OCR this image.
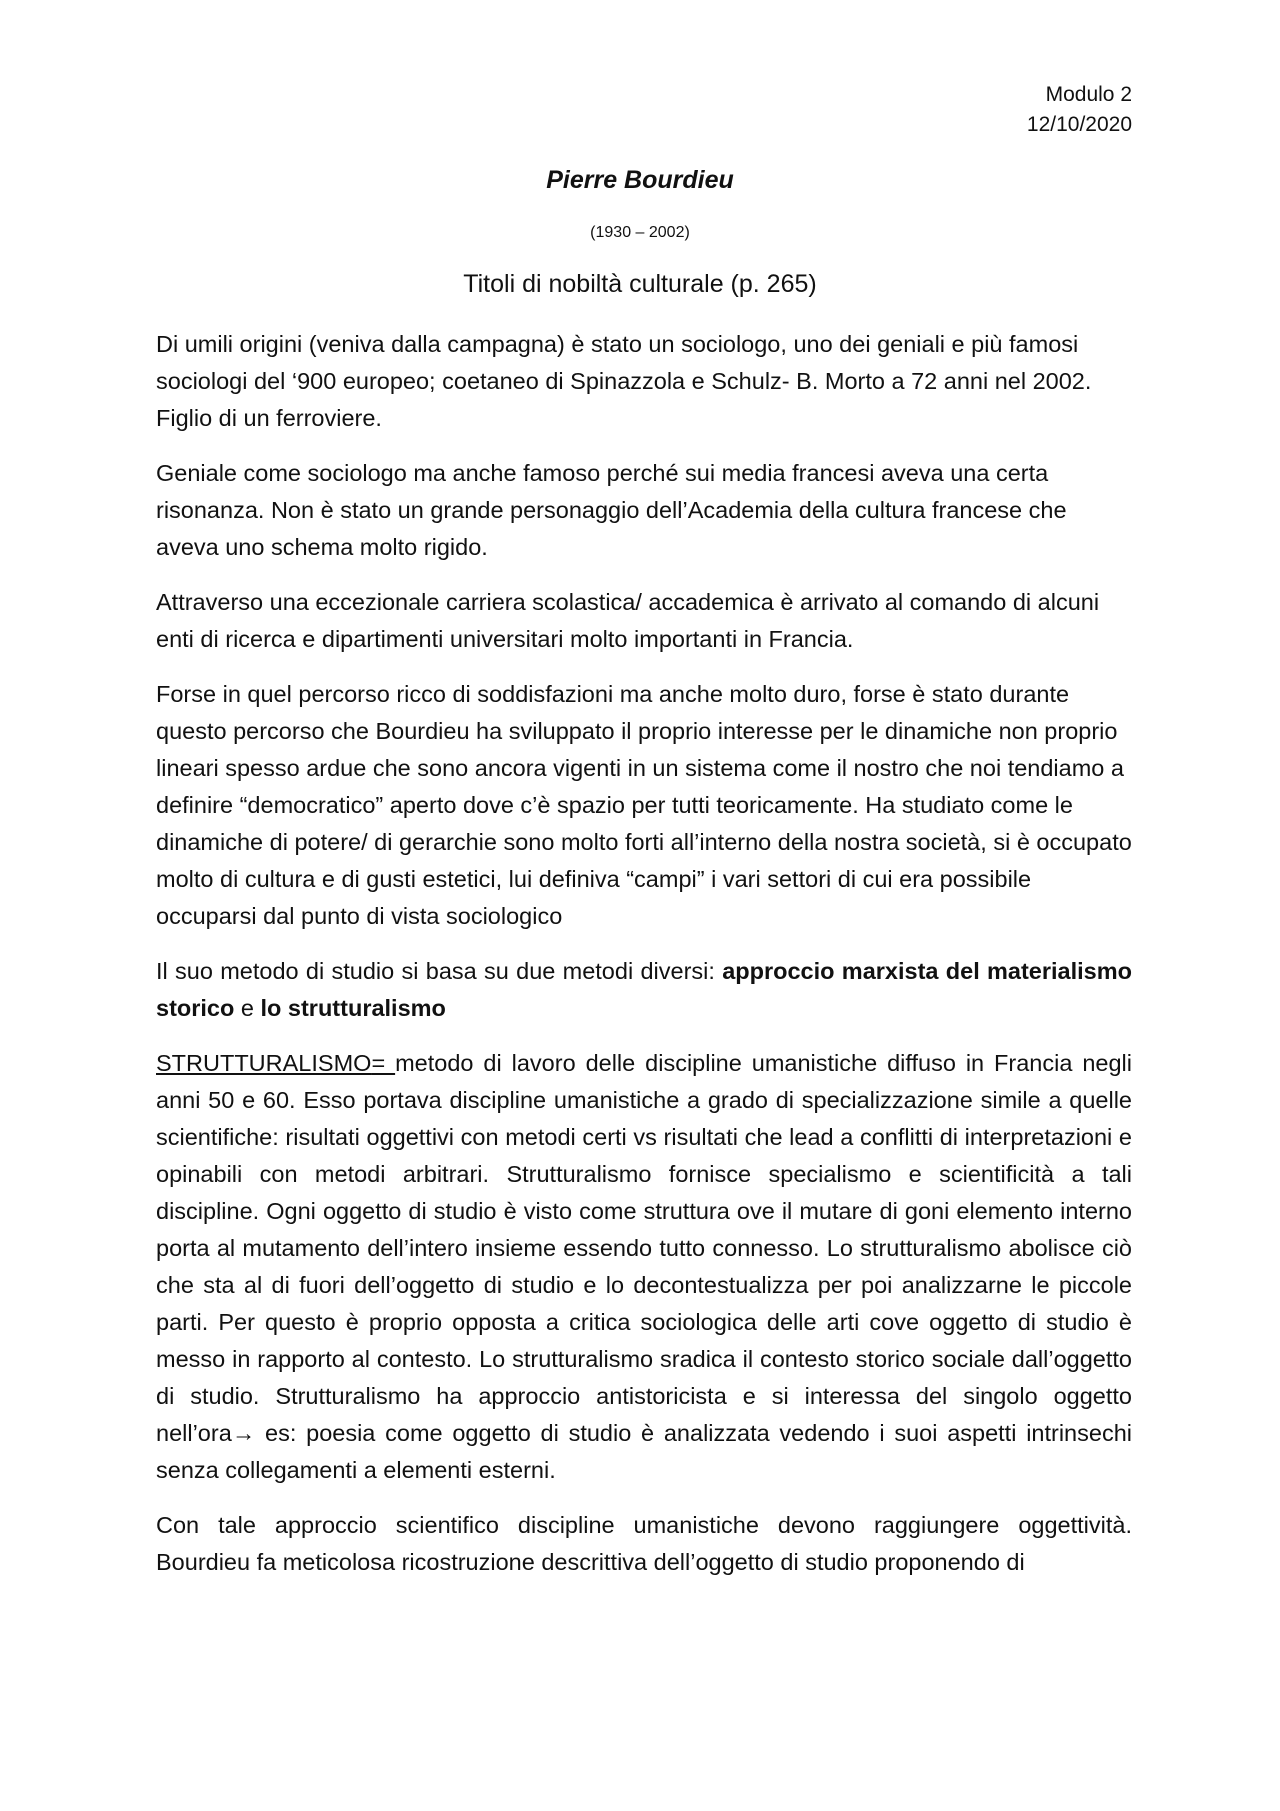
Modulo 2
12/10/2020
Pierre Bourdieu
(1930 – 2002)
Titoli di nobiltà culturale (p. 265)

Di umili origini (veniva dalla campagna) è stato un sociologo, uno dei geniali e più famosi sociologi del ‘900 europeo; coetaneo di Spinazzola e Schulz- B. Morto a 72 anni nel 2002. Figlio di un ferroviere.

Geniale come sociologo ma anche famoso perché sui media francesi aveva una certa risonanza. Non è stato un grande personaggio dell’Academia della cultura francese che aveva uno schema molto rigido.

Attraverso una eccezionale carriera scolastica/ accademica è arrivato al comando di alcuni enti di ricerca e dipartimenti universitari molto importanti in Francia.

Forse in quel percorso ricco di soddisfazioni ma anche molto duro, forse è stato durante questo percorso che Bourdieu ha sviluppato il proprio interesse per le dinamiche non proprio lineari spesso ardue che sono ancora vigenti in un sistema come il nostro che noi tendiamo a definire “democratico” aperto dove c’è spazio per tutti teoricamente. Ha studiato come le dinamiche di potere/ di gerarchie sono molto forti all’interno della nostra società, si è occupato molto di cultura e di gusti estetici, lui definiva “campi” i vari settori di cui era possibile occuparsi dal punto di vista sociologico

Il suo metodo di studio si basa su due metodi diversi: approccio marxista del materialismo storico e lo strutturalismo

STRUTTURALISMO= metodo di lavoro delle discipline umanistiche diffuso in Francia negli anni 50 e 60. Esso portava discipline umanistiche a grado di specializzazione simile a quelle scientifiche: risultati oggettivi con metodi certi vs risultati che lead a conflitti di interpretazioni e opinabili con metodi arbitrari. Strutturalismo fornisce specialismo e scientificità a tali discipline. Ogni oggetto di studio è visto come struttura ove il mutare di goni elemento interno porta al mutamento dell’intero insieme essendo tutto connesso. Lo strutturalismo abolisce ciò che sta al di fuori dell’oggetto di studio e lo decontestualizza per poi analizzarne le piccole parti. Per questo è proprio opposta a critica sociologica delle arti cove oggetto di studio è messo in rapporto al contesto. Lo strutturalismo sradica il contesto storico sociale dall’oggetto di studio. Strutturalismo ha approccio antistoricista e si interessa del singolo oggetto nell’ora→ es: poesia come oggetto di studio è analizzata vedendo i suoi aspetti intrinsechi senza collegamenti a elementi esterni.

Con tale approccio scientifico discipline umanistiche devono raggiungere oggettività. Bourdieu fa meticolosa ricostruzione descrittiva dell’oggetto di studio proponendo di
